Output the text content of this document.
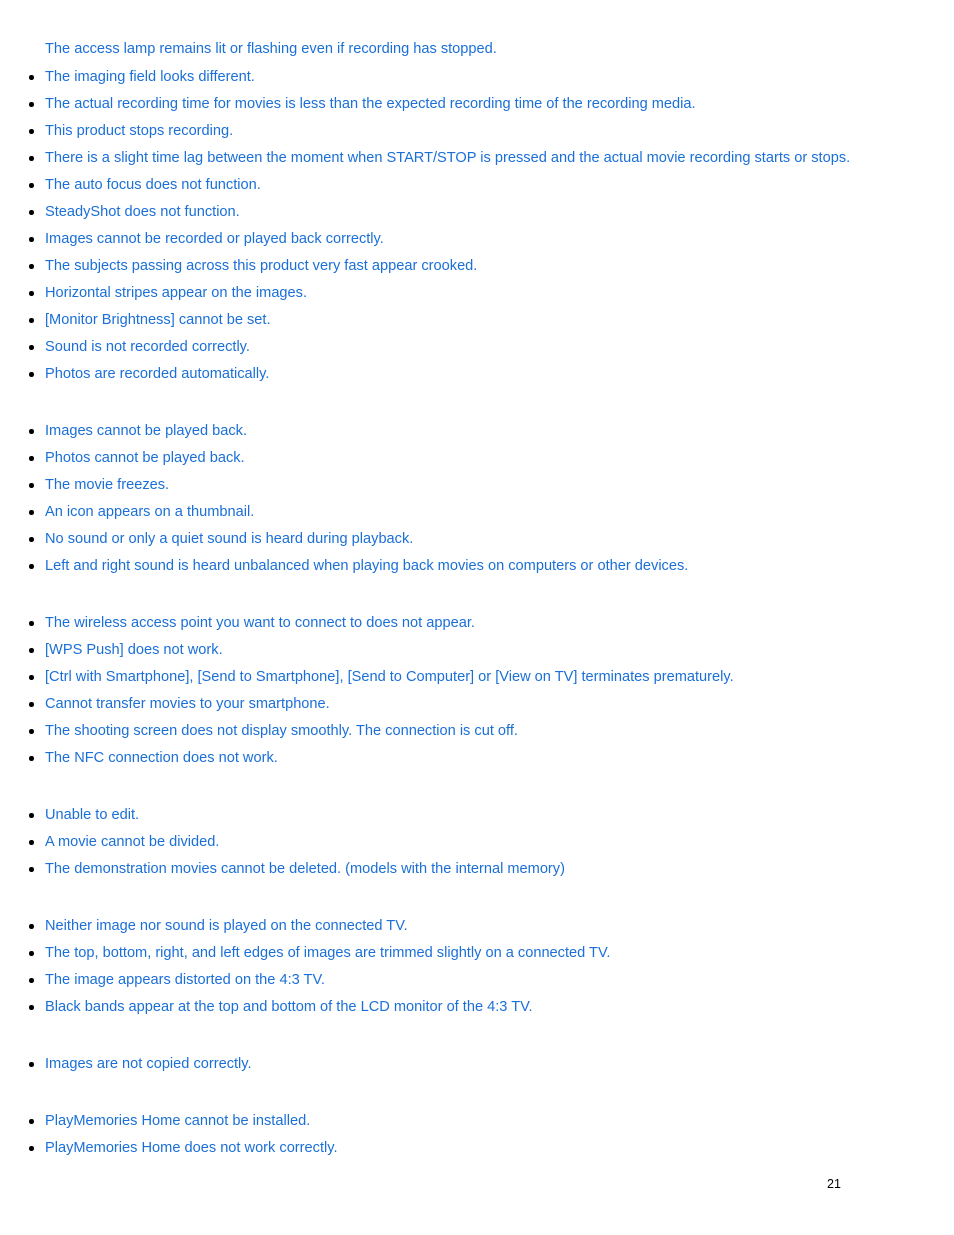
The access lamp remains lit or flashing even if recording has stopped.
The imaging field looks different.
The actual recording time for movies is less than the expected recording time of the recording media.
This product stops recording.
There is a slight time lag between the moment when START/STOP is pressed and the actual movie recording starts or stops.
The auto focus does not function.
SteadyShot does not function.
Images cannot be recorded or played back correctly.
The subjects passing across this product very fast appear crooked.
Horizontal stripes appear on the images.
[Monitor Brightness] cannot be set.
Sound is not recorded correctly.
Photos are recorded automatically.
Images cannot be played back.
Photos cannot be played back.
The movie freezes.
An icon appears on a thumbnail.
No sound or only a quiet sound is heard during playback.
Left and right sound is heard unbalanced when playing back movies on computers or other devices.
The wireless access point you want to connect to does not appear.
[WPS Push] does not work.
[Ctrl with Smartphone], [Send to Smartphone], [Send to Computer] or [View on TV] terminates prematurely.
Cannot transfer movies to your smartphone.
The shooting screen does not display smoothly. The connection is cut off.
The NFC connection does not work.
Unable to edit.
A movie cannot be divided.
The demonstration movies cannot be deleted. (models with the internal memory)
Neither image nor sound is played on the connected TV.
The top, bottom, right, and left edges of images are trimmed slightly on a connected TV.
The image appears distorted on the 4:3 TV.
Black bands appear at the top and bottom of the LCD monitor of the 4:3 TV.
Images are not copied correctly.
PlayMemories Home cannot be installed.
PlayMemories Home does not work correctly.
21
